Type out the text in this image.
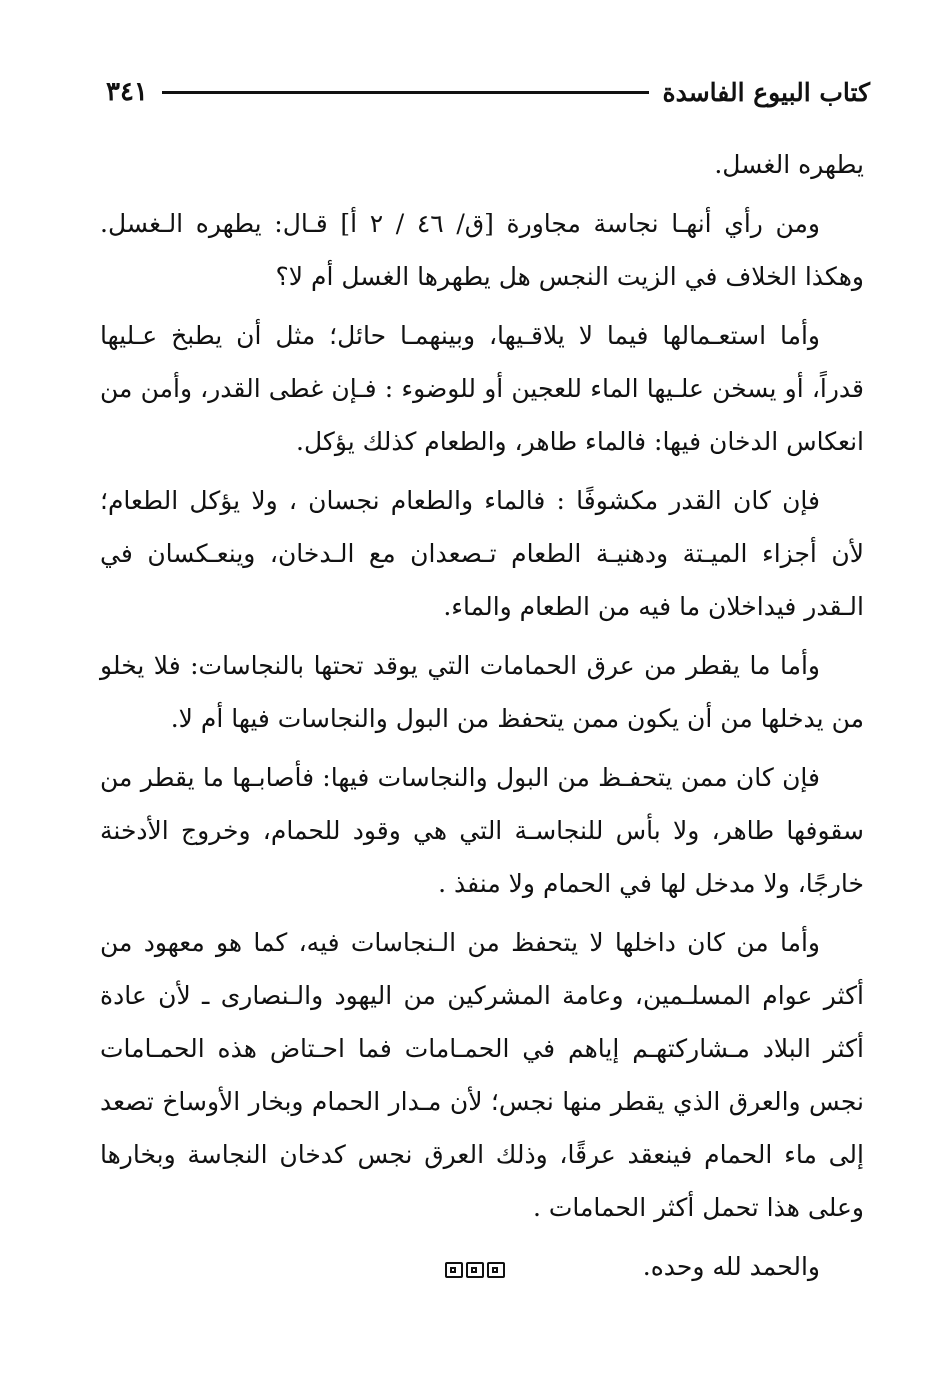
كتاب البيوع الفاسدة
٣٤١

يطهره الغسل.

ومن رأي أنهـا نجاسة مجاورة [ق/ ٤٦ / ٢ أ] قـال: يطهره الـغسل. وهكذا الخلاف في الزيت النجس هل يطهرها الغسل أم لا؟

وأما استعـمالها فيما لا يلاقـيها، وبينهمـا حائل؛ مثل أن يطبخ عـليها قدراً، أو يسخن علـيها الماء للعجين أو للوضوء : فـإن غطى القدر، وأمن من انعكاس الدخان فيها: فالماء طاهر، والطعام كذلك يؤكل.

فإن كان القدر مكشوفًا : فالماء والطعام نجسان ، ولا يؤكل الطعام؛ لأن أجزاء الميـتة ودهنيـة الطعام تـصعدان مع الـدخان، وينعـكسان في الـقدر فيداخلان ما فيه من الطعام والماء.

وأما ما يقطر من عرق الحمامات التي يوقد تحتها بالنجاسات: فلا يخلو من يدخلها من أن يكون ممن يتحفظ من البول والنجاسات فيها أم لا.

فإن كان ممن يتحفـظ من البول والنجاسات فيها: فأصابـها ما يقطر من سقوفها طاهر، ولا بأس للنجاسـة التي هي وقود للحمام، وخروج الأدخنة خارجًا، ولا مدخل لها في الحمام ولا منفذ .

وأما من كان داخلها لا يتحفظ من الـنجاسات فيه، كما هو معهود من أكثر عوام المسلـمين، وعامة المشركين من اليهود والـنصارى ـ لأن عادة أكثر البلاد مـشاركتهـم إياهم في الحمـامات فما احـتاض هذه الحمـامات نجس والعرق الذي يقطر منها نجس؛ لأن مـدار الحمام وبخار الأوساخ تصعد إلى ماء الحمام فينعقد عرقًا، وذلك العرق نجس كدخان النجاسة وبخارها وعلى هذا تحمل أكثر الحمامات .

والحمد لله وحده.
